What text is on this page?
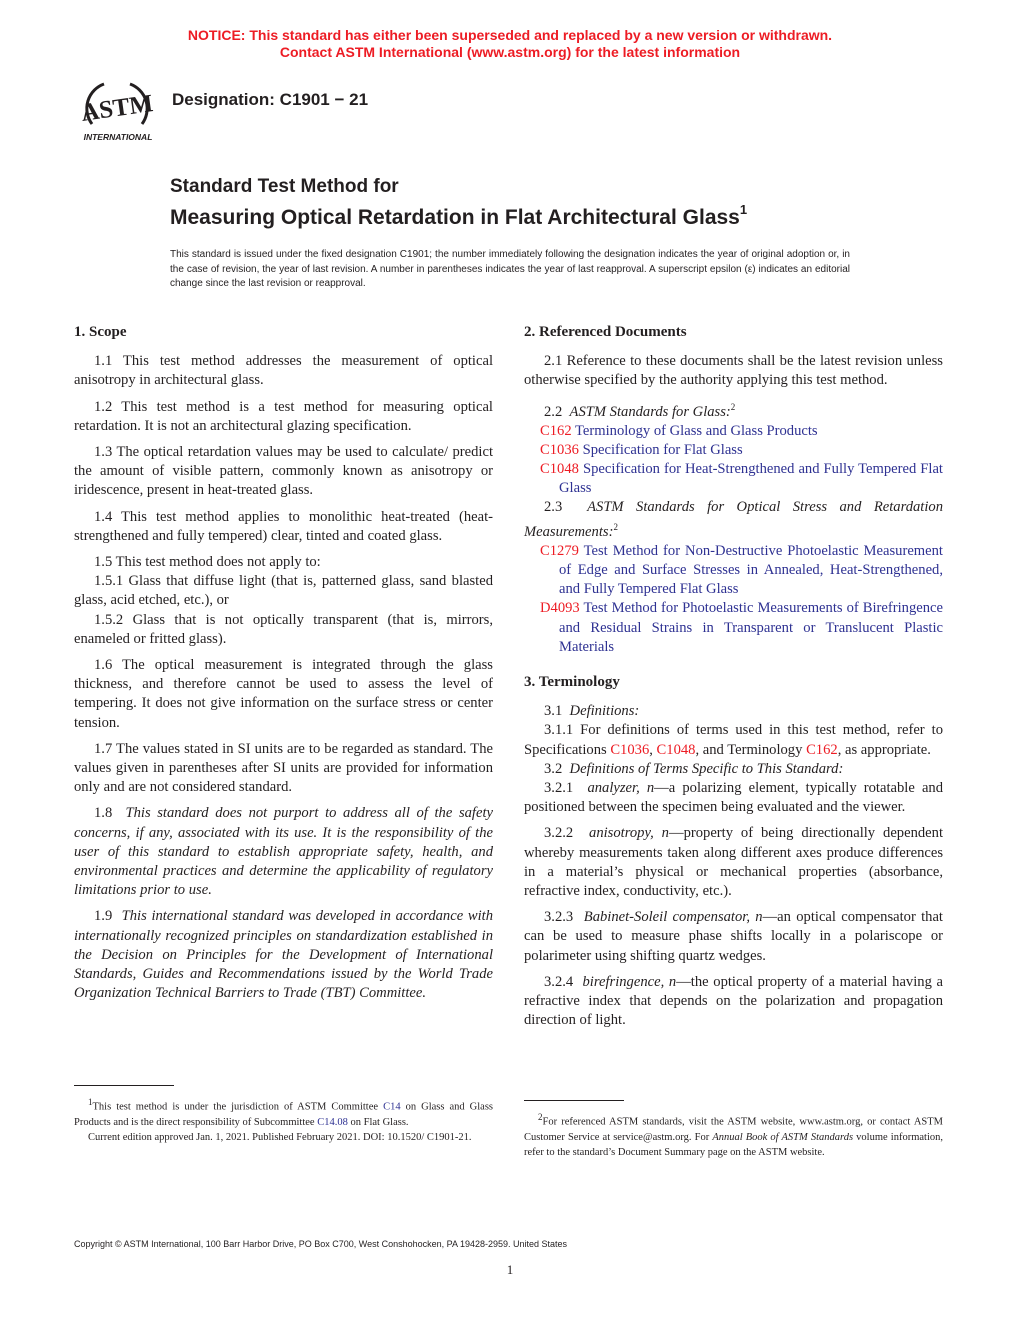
NOTICE: This standard has either been superseded and replaced by a new version or withdrawn.
Contact ASTM International (www.astm.org) for the latest information
ASTM
INTERNATIONAL
Designation: C1901 − 21
Standard Test Method for
Measuring Optical Retardation in Flat Architectural Glass$^1$
This standard is issued under the fixed designation C1901; the number immediately following the designation indicates the year of original adoption or, in the case of revision, the year of last revision. A number in parentheses indicates the year of last reapproval. A superscript epsilon (ε) indicates an editorial change since the last revision or reapproval.
1. Scope

1.1 This test method addresses the measurement of optical anisotropy in architectural glass.

1.2 This test method is a test method for measuring optical retardation. It is not an architectural glazing specification.

1.3 The optical retardation values may be used to calculate/ predict the amount of visible pattern, commonly known as anisotropy or iridescence, present in heat-treated glass.

1.4 This test method applies to monolithic heat-treated (heat-strengthened and fully tempered) clear, tinted and coated glass.

1.5 This test method does not apply to:

1.5.1 Glass that diffuse light (that is, patterned glass, sand blasted glass, acid etched, etc.), or

1.5.2 Glass that is not optically transparent (that is, mirrors, enameled or fritted glass).

1.6 The optical measurement is integrated through the glass thickness, and therefore cannot be used to assess the level of tempering. It does not give information on the surface stress or center tension.

1.7 The values stated in SI units are to be regarded as standard. The values given in parentheses after SI units are provided for information only and are not considered standard.

1.8 This standard does not purport to address all of the safety concerns, if any, associated with its use. It is the responsibility of the user of this standard to establish appropriate safety, health, and environmental practices and determine the applicability of regulatory limitations prior to use.

1.9 This international standard was developed in accordance with internationally recognized principles on standardization established in the Decision on Principles for the Development of International Standards, Guides and Recommendations issued by the World Trade Organization Technical Barriers to Trade (TBT) Committee.

2. Referenced Documents

2.1 Reference to these documents shall be the latest revision unless otherwise specified by the authority applying this test method.

2.2 ASTM Standards for Glass:$^2$

C162 Terminology of Glass and Glass Products
C1036 Specification for Flat Glass
C1048 Specification for Heat-Strengthened and Fully Tempered Flat Glass

2.3 ASTM Standards for Optical Stress and Retardation Measurements:$^2$

C1279 Test Method for Non-Destructive Photoelastic Measurement of Edge and Surface Stresses in Annealed, Heat-Strengthened, and Fully Tempered Flat Glass
D4093 Test Method for Photoelastic Measurements of Birefringence and Residual Strains in Transparent or Translucent Plastic Materials
3. Terminology

3.1 Definitions:

3.1.1 For definitions of terms used in this test method, refer to Specifications C1036, C1048, and Terminology C162, as appropriate.

3.2 Definitions of Terms Specific to This Standard:

3.2.1 analyzer, n—a polarizing element, typically rotatable and positioned between the specimen being evaluated and the viewer.

3.2.2 anisotropy, n—property of being directionally dependent whereby measurements taken along different axes produce differences in a material’s physical or mechanical properties (absorbance, refractive index, conductivity, etc.).

3.2.3 Babinet-Soleil compensator, n—an optical compensator that can be used to measure phase shifts locally in a polariscope or polarimeter using shifting quartz wedges.

3.2.4 birefringence, n—the optical property of a material having a refractive index that depends on the polarization and propagation direction of light.

$^1$This test method is under the jurisdiction of ASTM Committee C14 on Glass and Glass Products and is the direct responsibility of Subcommittee C14.08 on Flat Glass.

Current edition approved Jan. 1, 2021. Published February 2021. DOI: 10.1520/ C1901-21.

$^2$For referenced ASTM standards, visit the ASTM website, www.astm.org, or contact ASTM Customer Service at service@astm.org. For Annual Book of ASTM Standards volume information, refer to the standard’s Document Summary page on the ASTM website.

Copyright © ASTM International, 100 Barr Harbor Drive, PO Box C700, West Conshohocken, PA 19428-2959. United States
1
